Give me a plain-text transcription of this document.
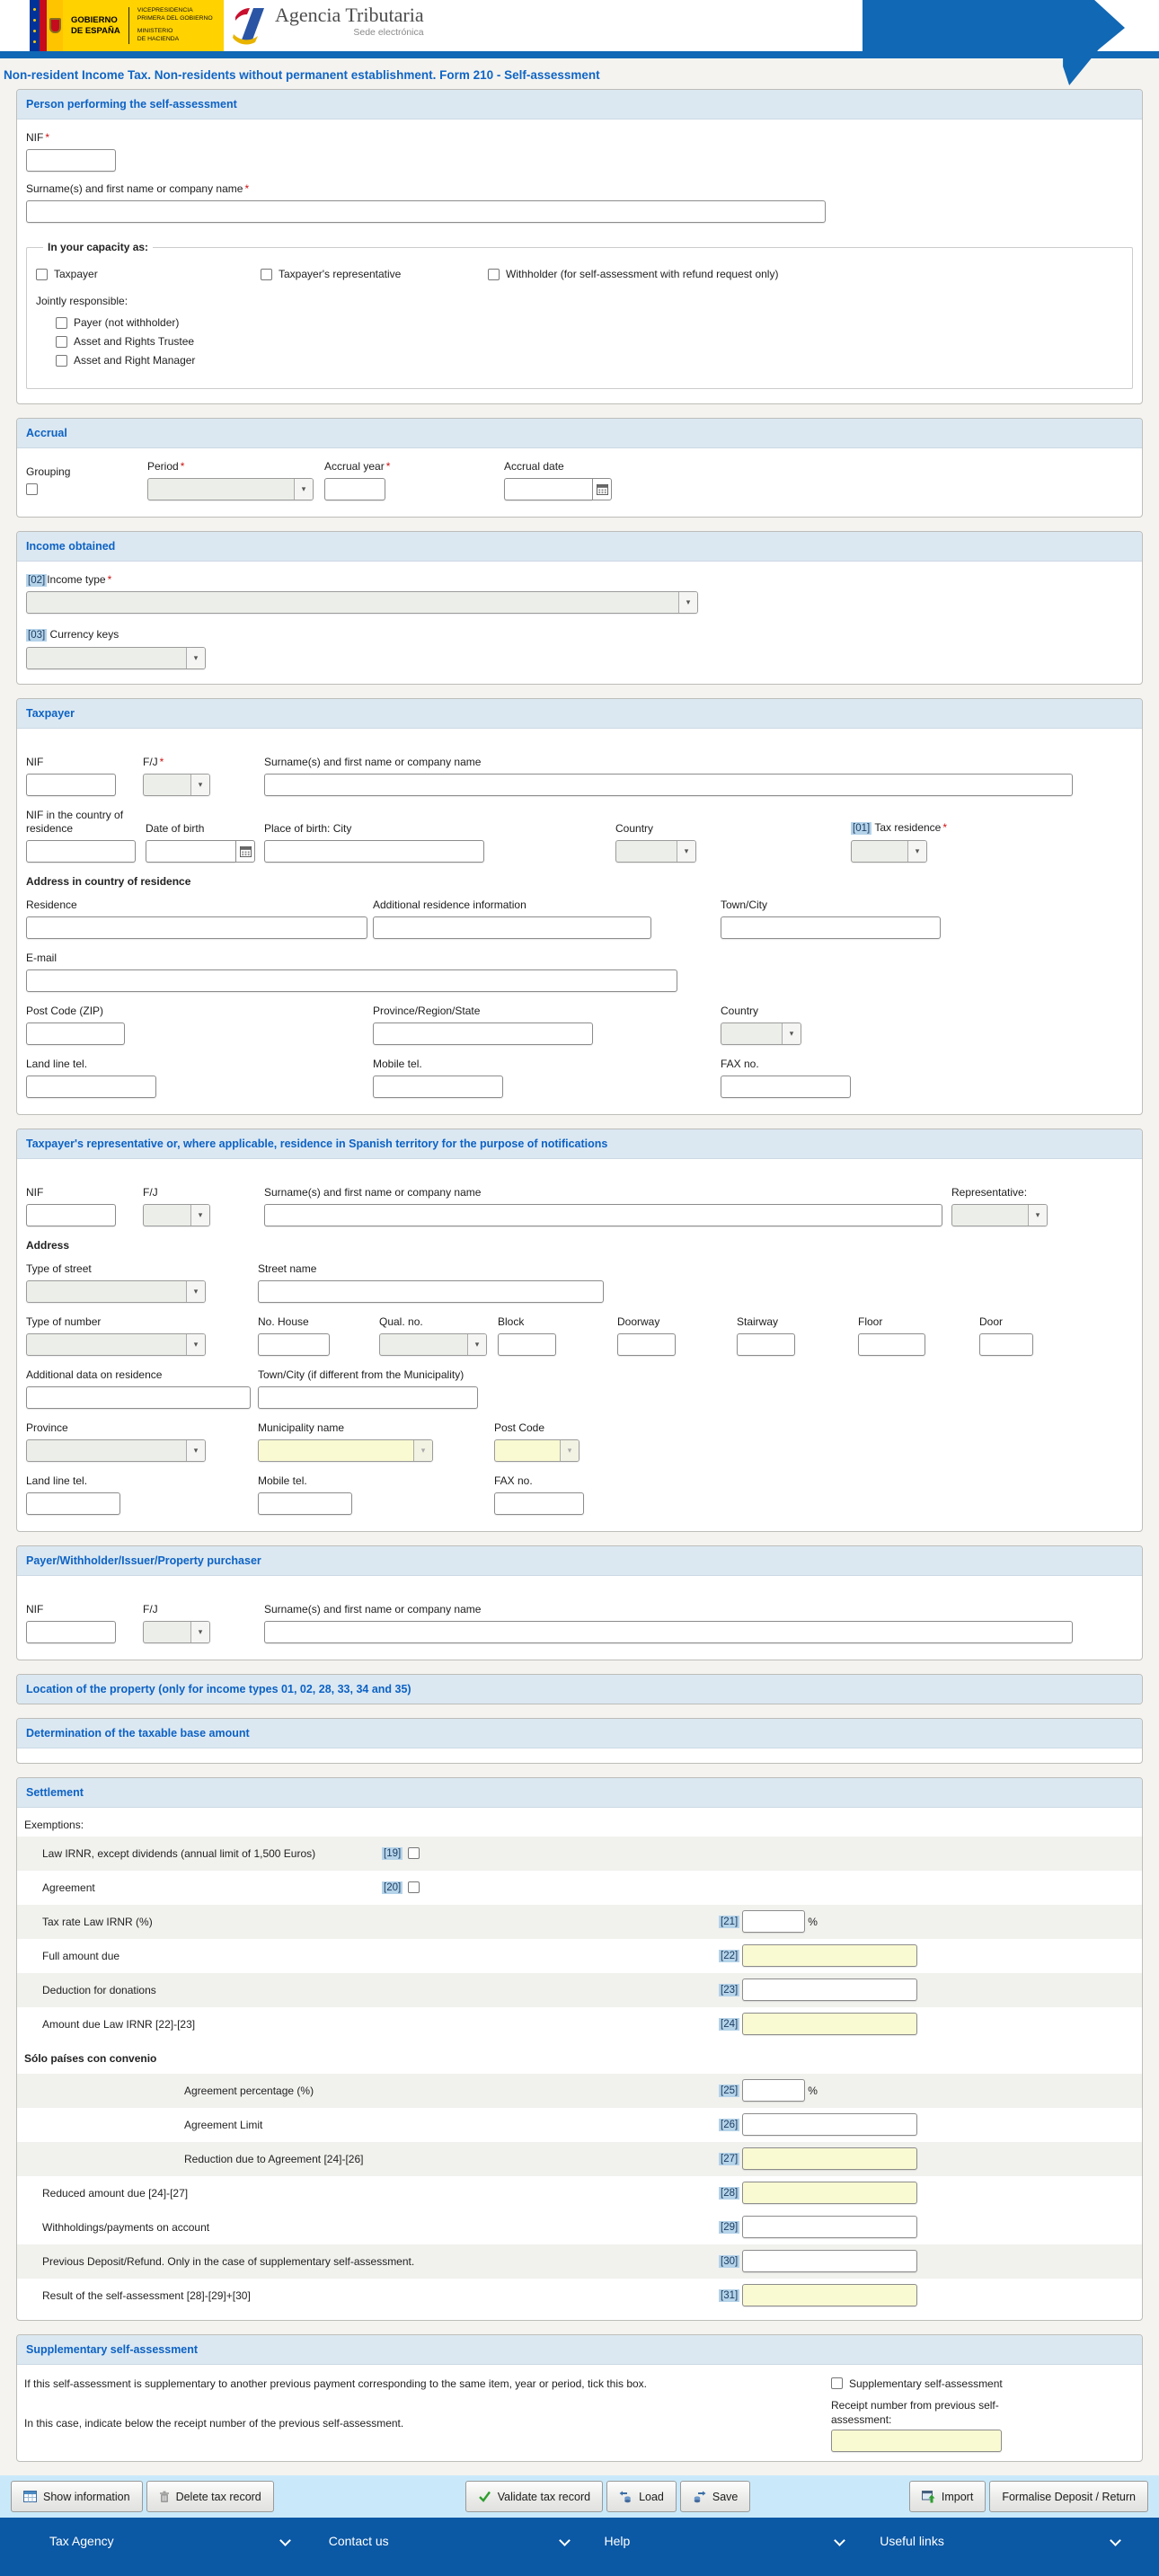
GOBIERNO
DE ESPAÑA
VICEPRESIDENCIA
PRIMERA DEL GOBIERNO
MINISTERIO
DE HACIENDA
Agencia Tributaria
Sede electrónica
Non-resident Income Tax. Non-residents without permanent establishment. Form 210 - Self-assessment
Person performing the self-assessment
NIF *
Surname(s) and first name or company name *
In your capacity as:
Taxpayer	Taxpayer's representative	Withholder (for self-assessment with refund request only)
Jointly responsible:
Payer (not withholder)
Asset and Rights Trustee
Asset and Right Manager
Accrual
Grouping	Period *
▾
Accrual year *	Accrual date
Income obtained
[02] Income type *
▾
[03] Currency keys
▾
Taxpayer
NIF	F/J *
▾
Surname(s) and first name or company name
NIF in the country of residence	Date of birth	Place of birth: City	Country
▾
[01] Tax residence *
▾
Address in country of residence
Residence	Additional residence information	Town/City
E-mail
Post Code (ZIP)	Province/Region/State	Country
▾
Land line tel.	Mobile tel.	FAX no.
Taxpayer's representative or, where applicable, residence in Spanish territory for the purpose of notifications
NIF	F/J
▾
Surname(s) and first name or company name	Representative:
▾
Address
Type of street
▾
Street name
Type of number
▾
No. House	Qual. no.
▾
Block	Doorway	Stairway	Floor	Door
Additional data on residence	Town/City (if different from the Municipality)
Province
▾
Municipality name
▾
Post Code
▾
Land line tel.	Mobile tel.	FAX no.
Payer/Withholder/Issuer/Property purchaser
NIF	F/J
▾
Surname(s) and first name or company name
Location of the property (only for income types 01, 02, 28, 33, 34 and 35)
Determination of the taxable base amount
Settlement
Exemptions:
Law IRNR, except dividends (annual limit of 1,500 Euros)	[19]
Agreement	[20]
Tax rate Law IRNR (%)	[21]	%
Full amount due	[22]
Deduction for donations	[23]
Amount due Law IRNR [22]-[23]	[24]
Sólo países con convenio
Agreement percentage (%)	[25]	%
Agreement Limit	[26]
Reduction due to Agreement [24]-[26]	[27]
Reduced amount due [24]-[27]	[28]
Withholdings/payments on account	[29]
Previous Deposit/Refund. Only in the case of supplementary self-assessment.	[30]
Result of the self-assessment [28]-[29]+[30]	[31]
Supplementary self-assessment
If this self-assessment is supplementary to another previous payment corresponding to the same item, year or period, tick this box.
In this case, indicate below the receipt number of the previous self-assessment.
Supplementary self-assessment
Receipt number from previous self-assessment:
Show information	Delete tax record	Validate tax record	Load	Save	Import	Formalise Deposit / Return
Tax Agency	Contact us	Help	Useful links
